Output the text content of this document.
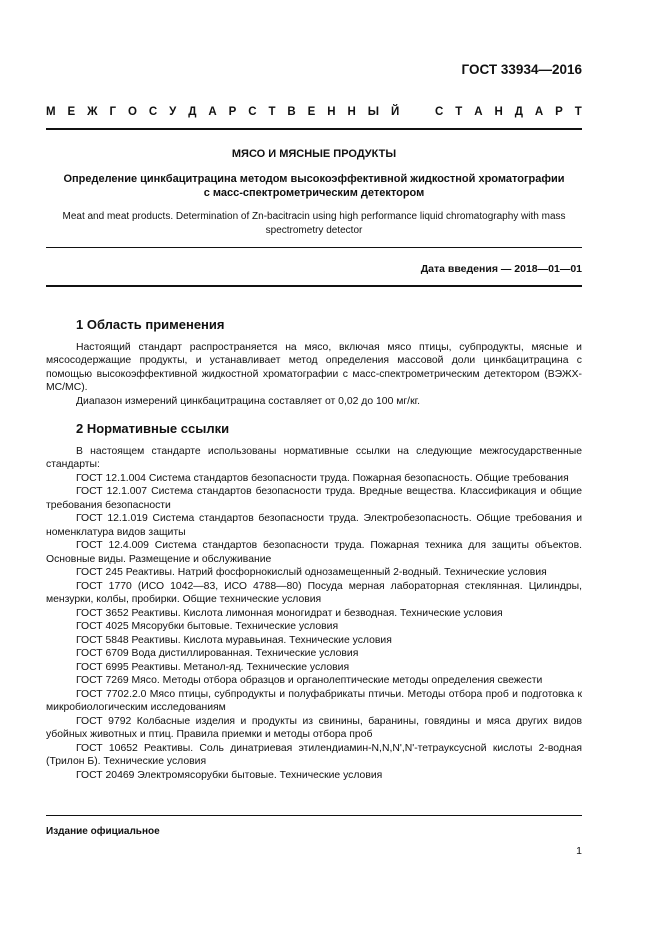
ГОСТ 33934—2016
М Е Ж Г О С У Д А Р С Т В Е Н Н Ы Й	С Т А Н Д А Р Т
МЯСО И МЯСНЫЕ ПРОДУКТЫ
Определение цинкбацитрацина методом высокоэффективной жидкостной хроматографии
с масс-спектрометрическим детектором
Meat and meat products. Determination of Zn-bacitracin using high performance liquid chromatography with mass
spectrometry detector
Дата введения — 2018—01—01
1 Область применения

Настоящий стандарт распространяется на мясо, включая мясо птицы, субпродукты, мясные и мясосодержащие продукты, и устанавливает метод определения массовой доли цинкбацитрацина с помощью высокоэффективной жидкостной хроматографии с масс-спектрометрическим детектором (ВЭЖХ-МС/МС).

Диапазон измерений цинкбацитрацина составляет от 0,02 до 100 мг/кг.

2 Нормативные ссылки

В настоящем стандарте использованы нормативные ссылки на следующие межгосударственные стандарты:

ГОСТ 12.1.004 Система стандартов безопасности труда. Пожарная безопасность. Общие требования

ГОСТ 12.1.007 Система стандартов безопасности труда. Вредные вещества. Классификация и общие требования безопасности

ГОСТ 12.1.019 Система стандартов безопасности труда. Электробезопасность. Общие требования и номенклатура видов защиты

ГОСТ 12.4.009 Система стандартов безопасности труда. Пожарная техника для защиты объектов. Основные виды. Размещение и обслуживание

ГОСТ 245 Реактивы. Натрий фосфорнокислый однозамещенный 2-водный. Технические условия

ГОСТ 1770 (ИСО 1042—83, ИСО 4788—80) Посуда мерная лабораторная стеклянная. Цилиндры, мензурки, колбы, пробирки. Общие технические условия

ГОСТ 3652 Реактивы. Кислота лимонная моногидрат и безводная. Технические условия

ГОСТ 4025 Мясорубки бытовые. Технические условия

ГОСТ 5848 Реактивы. Кислота муравьиная. Технические условия

ГОСТ 6709 Вода дистиллированная. Технические условия

ГОСТ 6995 Реактивы. Метанол-яд. Технические условия

ГОСТ 7269 Мясо. Методы отбора образцов и органолептические методы определения свежести

ГОСТ 7702.2.0 Мясо птицы, субпродукты и полуфабрикаты птичьи. Методы отбора проб и подготовка к микробиологическим исследованиям

ГОСТ 9792 Колбасные изделия и продукты из свинины, баранины, говядины и мяса других видов убойных животных и птиц. Правила приемки и методы отбора проб

ГОСТ 10652 Реактивы. Соль динатриевая этилендиамин-N,N,N',N'-тетрауксусной кислоты 2-водная (Трилон Б). Технические условия

ГОСТ 20469 Электромясорубки бытовые. Технические условия

Издание официальное
1
